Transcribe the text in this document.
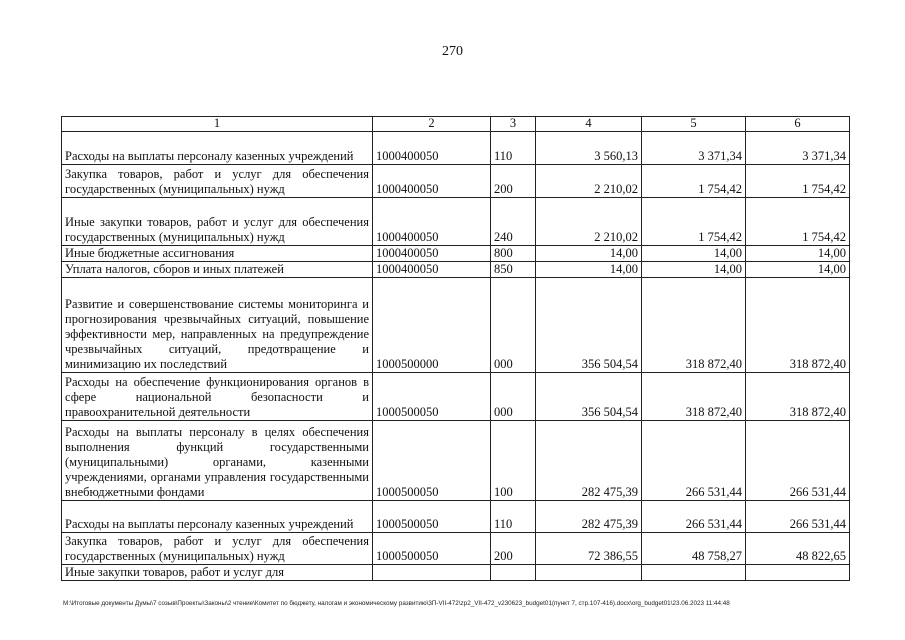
270
1	2	3	4	5	6
Расходы на выплаты персоналу казенных учреждений	1000400050	110	3 560,13	3 371,34	3 371,34
Закупка товаров, работ и услуг для обеспечения государственных (муниципальных) нужд	1000400050	200	2 210,02	1 754,42	1 754,42
Иные закупки товаров, работ и услуг для обеспечения государственных (муниципальных) нужд	1000400050	240	2 210,02	1 754,42	1 754,42
Иные бюджетные ассигнования	1000400050	800	14,00	14,00	14,00
Уплата налогов, сборов и иных платежей	1000400050	850	14,00	14,00	14,00
Развитие и совершенствование системы мониторинга и прогнозирования чрезвычайных ситуаций, повышение эффективности мер, направленных на предупреждение чрезвычайных ситуаций, предотвращение и минимизацию их последствий	1000500000	000	356 504,54	318 872,40	318 872,40
Расходы на обеспечение функционирования органов в сфере национальной безопасности и правоохранительной деятельности	1000500050	000	356 504,54	318 872,40	318 872,40
Расходы на выплаты персоналу в целях обеспечения выполнения функций государственными (муниципальными) органами, казенными учреждениями, органами управления государственными внебюджетными фондами	1000500050	100	282 475,39	266 531,44	266 531,44
Расходы на выплаты персоналу казенных учреждений	1000500050	110	282 475,39	266 531,44	266 531,44
Закупка товаров, работ и услуг для обеспечения государственных (муниципальных) нужд	1000500050	200	72 386,55	48 758,27	48 822,65
Иные закупки товаров, работ и услуг для					
M:\Итоговые документы Думы\7 созыв\Проекты\Законы\2 чтение\Комитет по бюджету, налогам и экономическому развитию\3П-VII-472\zp2_VII-472_v230623_budget01(пункт 7, стр.107-416).docx\org_budget01\23.06.2023 11:44:48
